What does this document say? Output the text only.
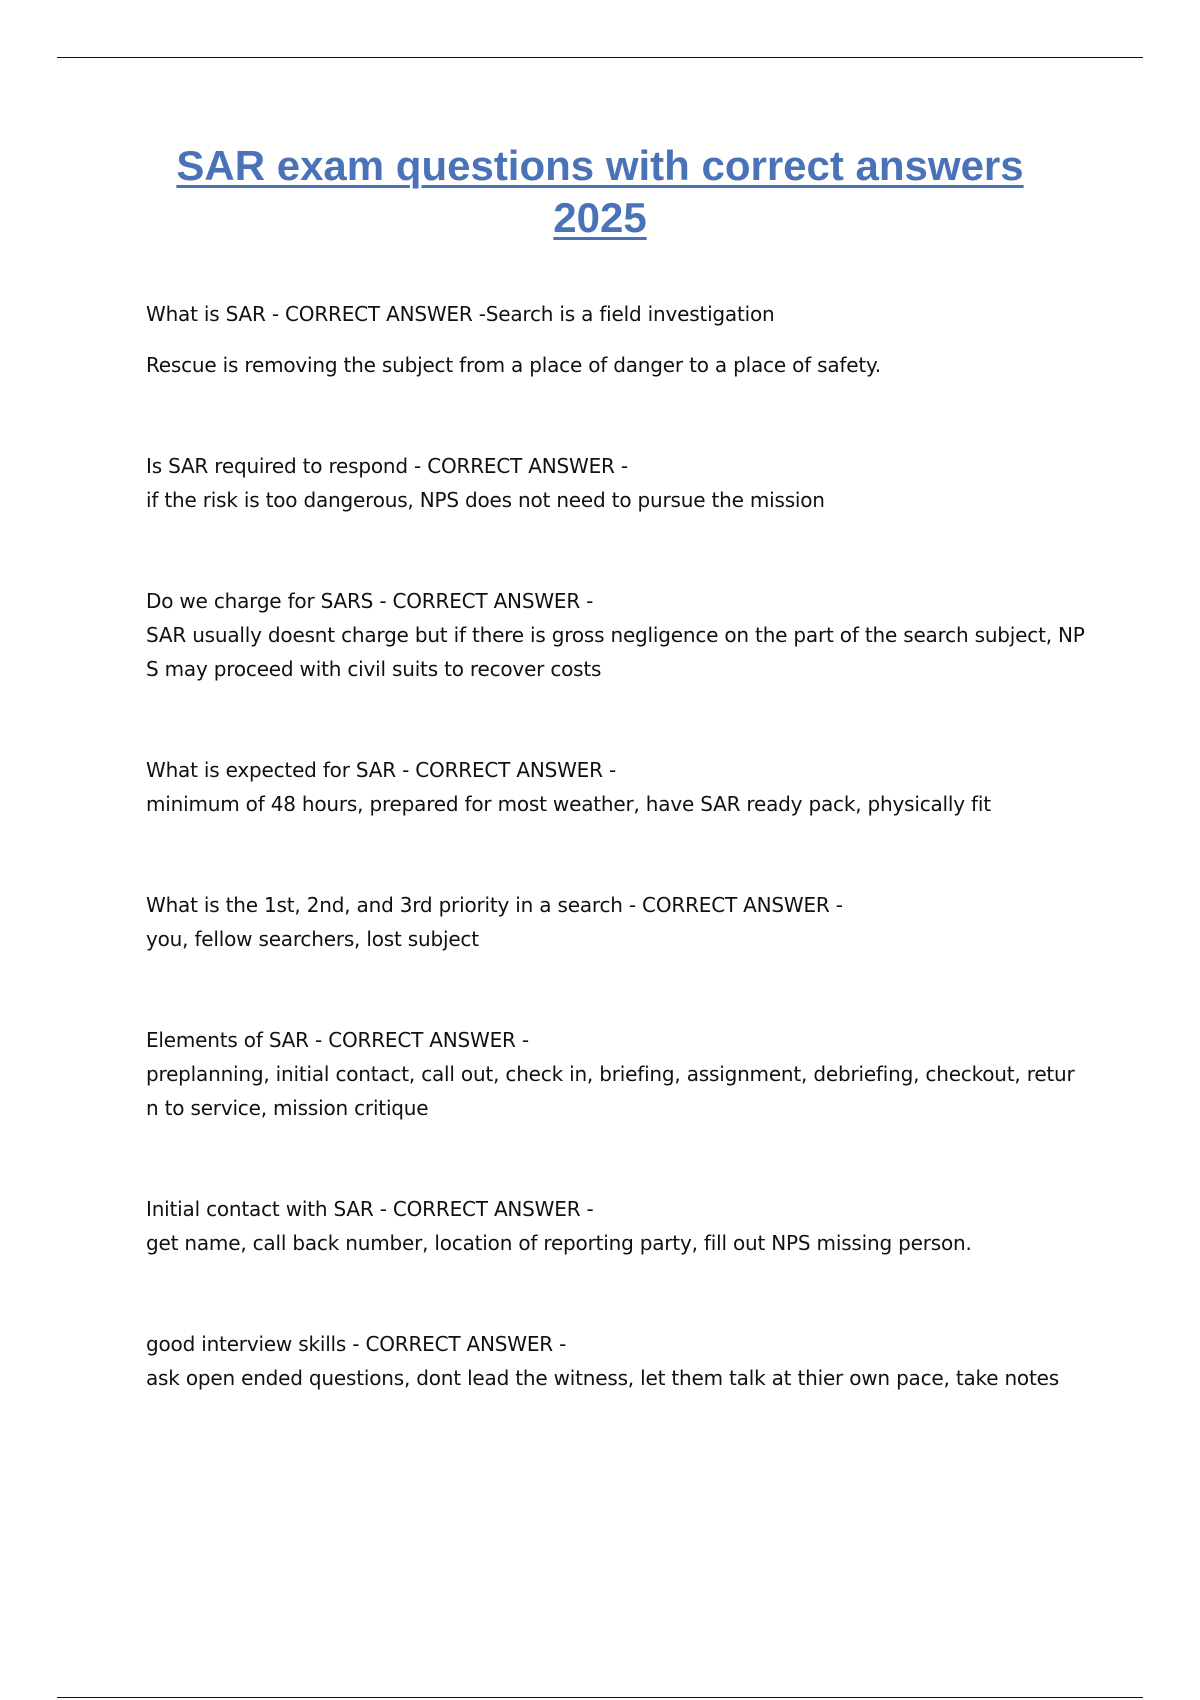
SAR exam questions with correct answers
2025

What is SAR - CORRECT ANSWER -Search is a field investigation

Rescue is removing the subject from a place of danger to a place of safety.

Is SAR required to respond - CORRECT ANSWER -

if the risk is too dangerous, NPS does not need to pursue the mission

Do we charge for SARS - CORRECT ANSWER -

SAR usually doesnt charge but if there is gross negligence on the part of the search subject, NP

S may proceed with civil suits to recover costs

What is expected for SAR - CORRECT ANSWER -

minimum of 48 hours, prepared for most weather, have SAR ready pack, physically fit

What is the 1st, 2nd, and 3rd priority in a search - CORRECT ANSWER -

you, fellow searchers, lost subject

Elements of SAR - CORRECT ANSWER -

preplanning, initial contact, call out, check in, briefing, assignment, debriefing, checkout, retur

n to service, mission critique

Initial contact with SAR - CORRECT ANSWER -

get name, call back number, location of reporting party, fill out NPS missing person.

good interview skills - CORRECT ANSWER -

ask open ended questions, dont lead the witness, let them talk at thier own pace, take notes
